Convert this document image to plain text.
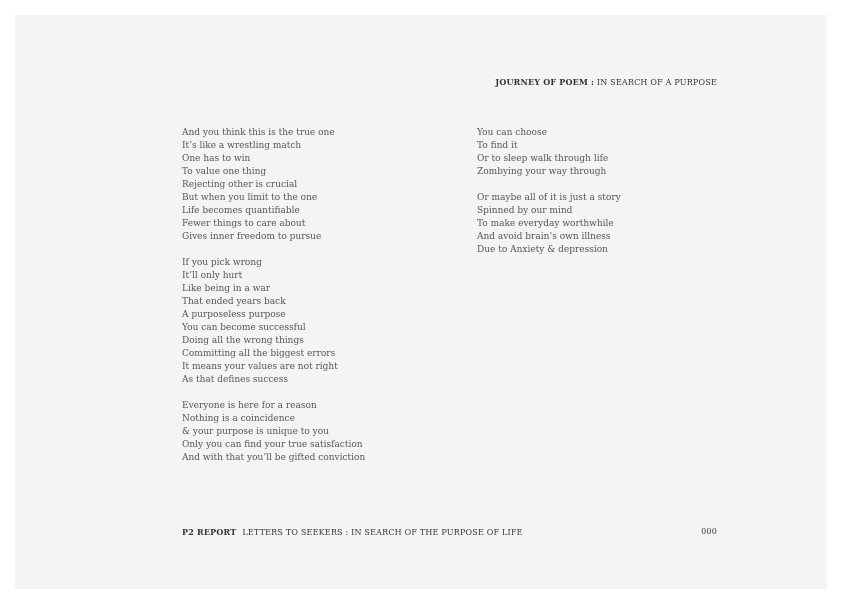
JOURNEY OF POEM : IN SEARCH OF A PURPOSE
And you think this is the true one
It’s like a wrestling match
One has to win
To value one thing
Rejecting other is crucial
But when you limit to the one
Life becomes quantifiable
Fewer things to care about
Gives inner freedom to pursue
If you pick wrong
It’ll only hurt
Like being in a war
That ended years back
A purposeless purpose
You can become successful
Doing all the wrong things
Committing all the biggest errors
It means your values are not right
As that defines success
Everyone is here for a reason
Nothing is a coincidence
& your purpose is unique to you
Only you can find your true satisfaction
And with that you’ll be gifted conviction
You can choose
To find it
Or to sleep walk through life
Zombying your way through
Or maybe all of it is just a story
Spinned by our mind
To make everyday worthwhile
And avoid brain’s own illness
Due to Anxiety & depression
P2 REPORT LETTERS TO SEEKERS : IN SEARCH OF THE PURPOSE OF LIFE	000
